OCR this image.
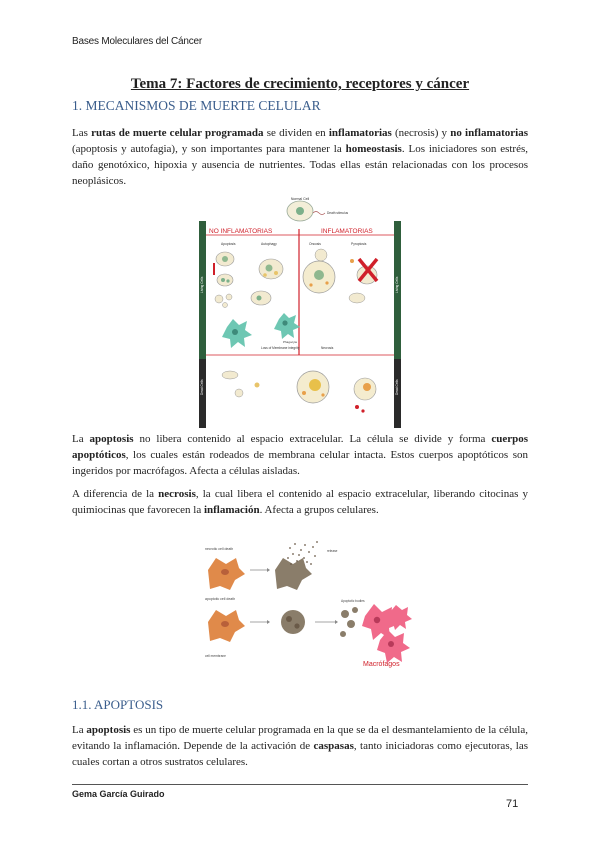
Bases Moleculares del Cáncer
Tema 7: Factores de crecimiento, receptores y cáncer
1. MECANISMOS DE MUERTE CELULAR
Las rutas de muerte celular programada se dividen en inflamatorias (necrosis) y no inflamatorias (apoptosis y autofagia), y son importantes para mantener la homeostasis. Los iniciadores son estrés, daño genotóxico, hipoxia y ausencia de nutrientes. Todas ellas están relacionadas con los procesos neoplásicos.
Normal Cell
Death stimulus
NO INFLAMATORIAS	INFLAMATORIAS
Apoptosis	Autophagy	Oncosis	Pyroptosis
Phagocyte
Loss of Membrane integrity	Necrosis
Living Cells	Living Cells
Dead Cells	Dead Cells
La apoptosis no libera contenido al espacio extracelular. La célula se divide y forma cuerpos apoptóticos, los cuales están rodeados de membrana celular intacta. Estos cuerpos apoptóticos son ingeridos por macrófagos. Afecta a células aisladas.
A diferencia de la necrosis, la cual libera el contenido al espacio extracelular, liberando citocinas y quimiocinas que favorecen la inflamación. Afecta a grupos celulares.
necrotic cell death	release
apoptotic cell death	Apoptotic bodies
cell membrane
Macrófagos
1.1. APOPTOSIS
La apoptosis es un tipo de muerte celular programada en la que se da el desmantelamiento de la célula, evitando la inflamación. Depende de la activación de caspasas, tanto iniciadoras como ejecutoras, las cuales cortan a otros sustratos celulares.
Gema García Guirado
71
